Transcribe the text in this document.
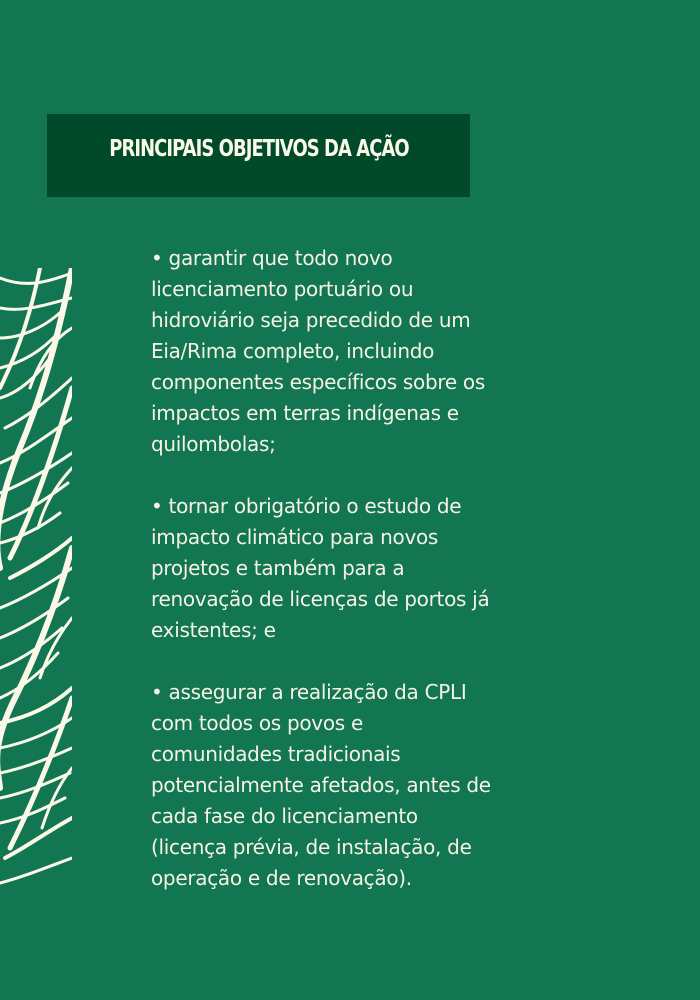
PRINCIPAIS OBJETIVOS DA AÇÃO
• garantir que todo novo
licenciamento portuário ou
hidroviário seja precedido de um
Eia/Rima completo, incluindo
componentes específicos sobre os
impactos em terras indígenas e
quilombolas;
• tornar obrigatório o estudo de
impacto climático para novos
projetos e também para a
renovação de licenças de portos já
existentes; e
• assegurar a realização da CPLI
com todos os povos e
comunidades tradicionais
potencialmente afetados, antes de
cada fase do licenciamento
(licença prévia, de instalação, de
operação e de renovação).
